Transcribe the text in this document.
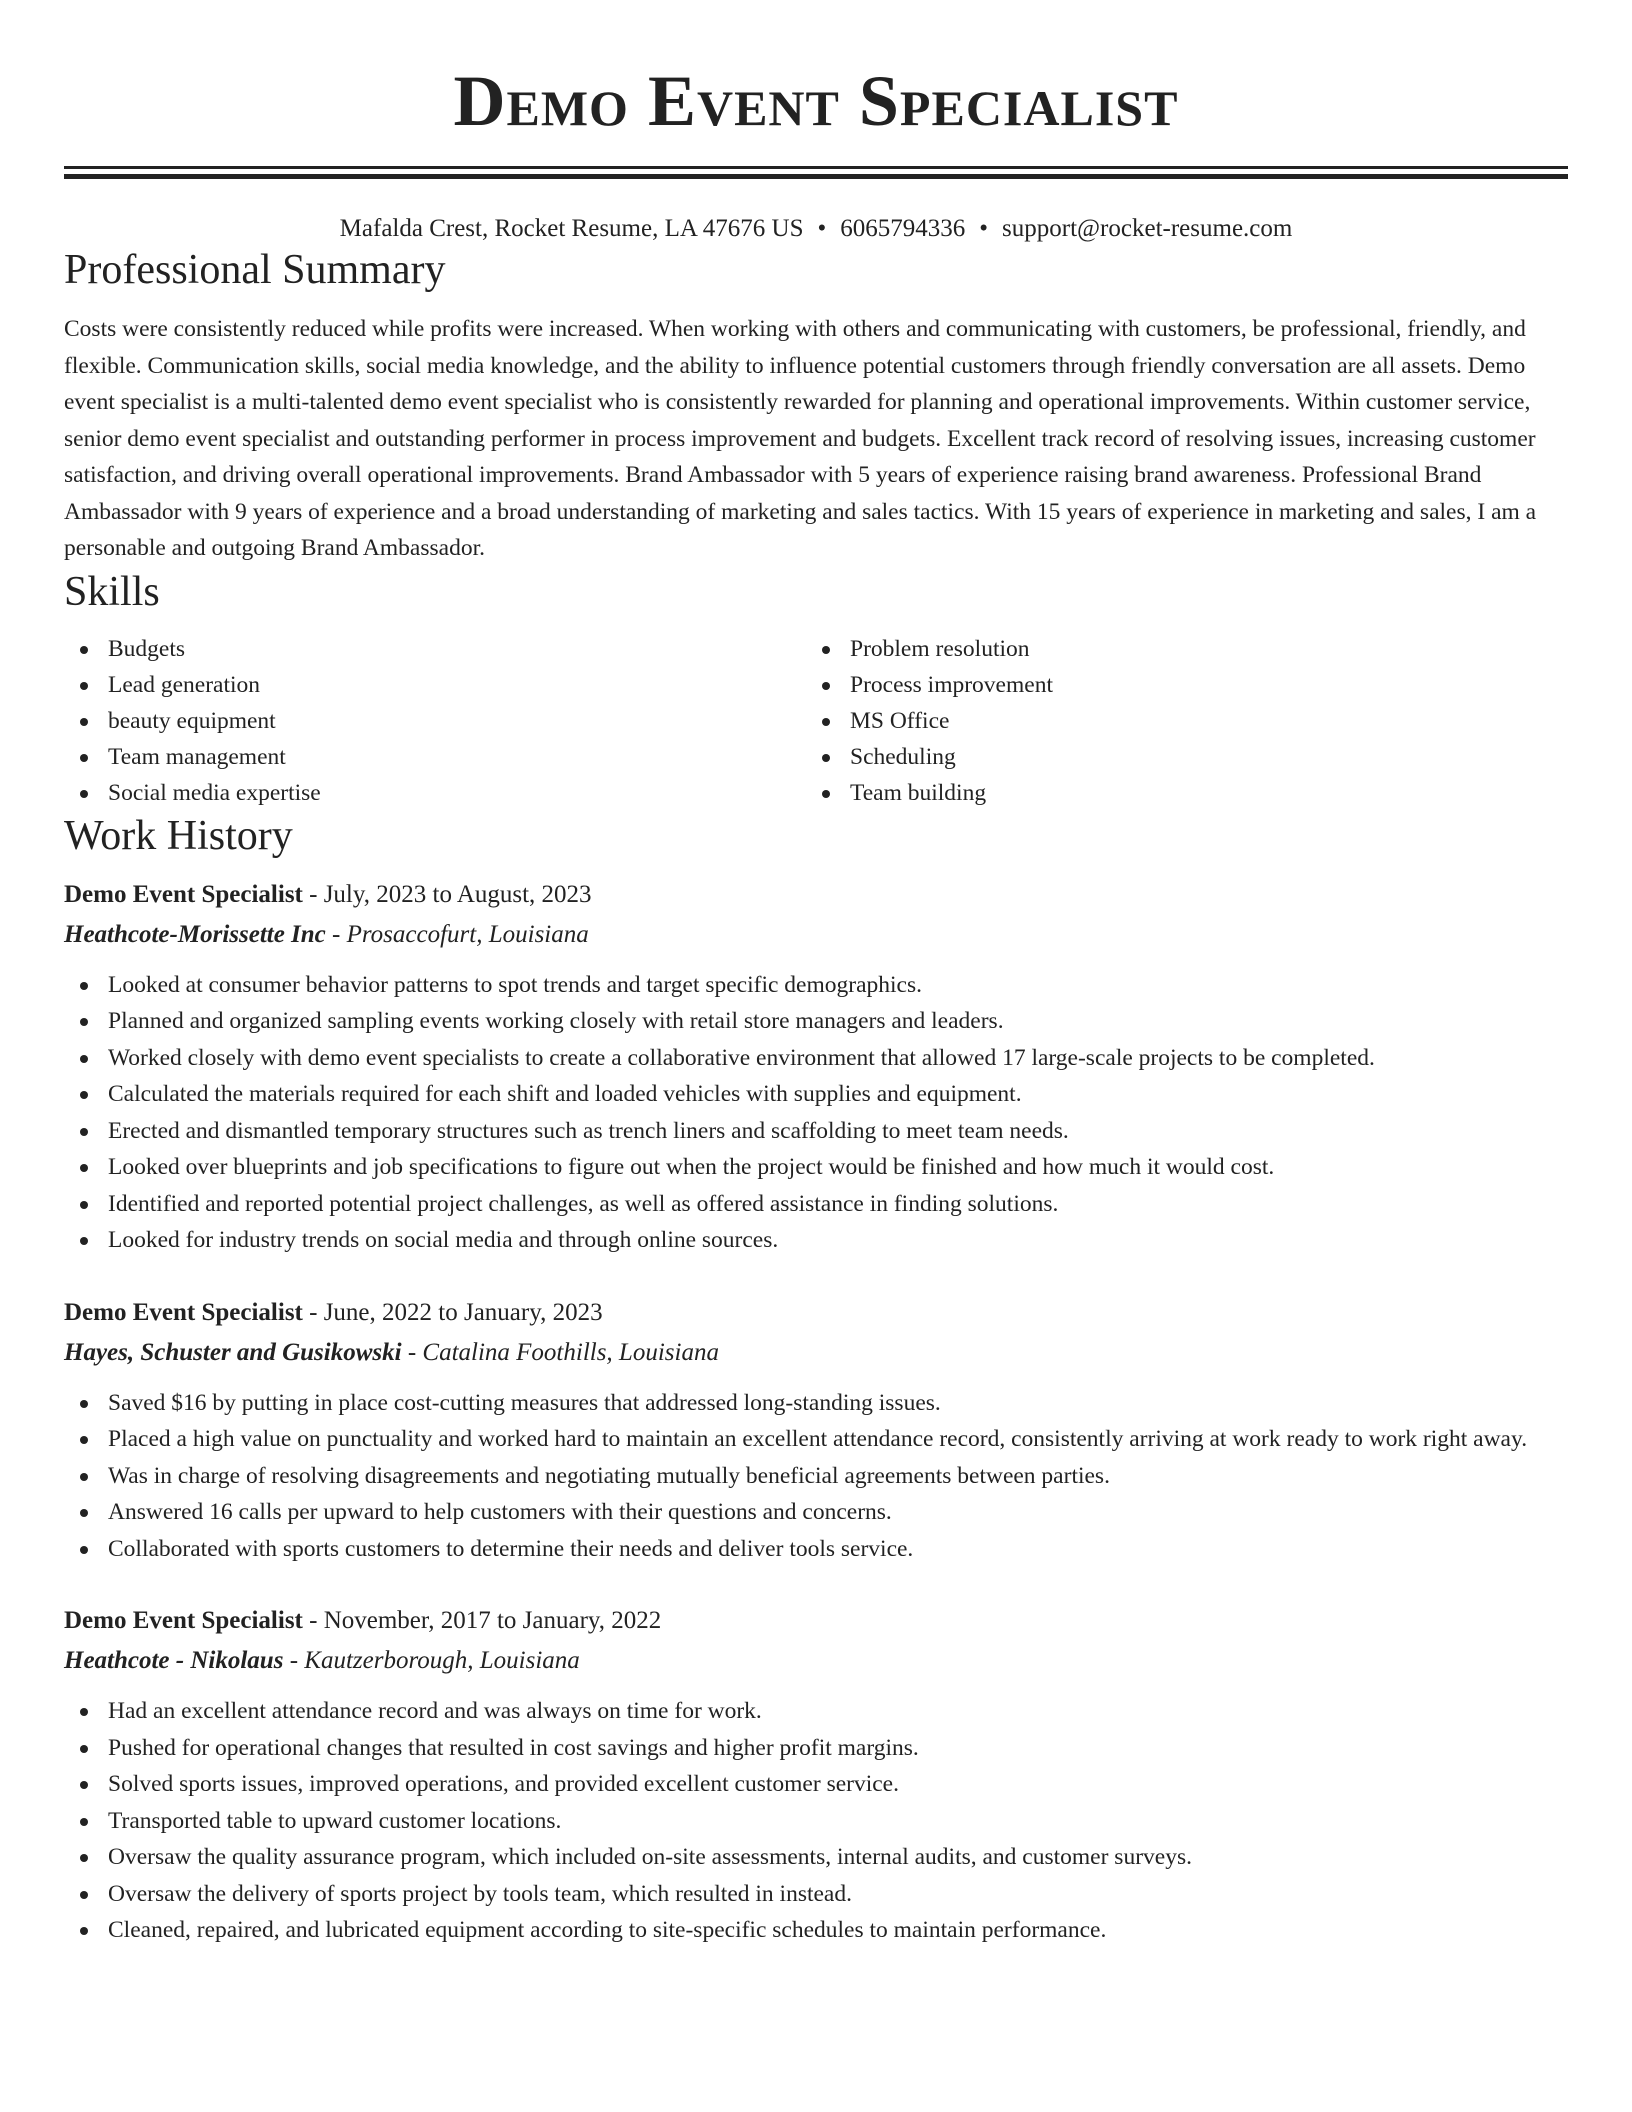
Demo Event Specialist
Mafalda Crest, Rocket Resume, LA 47676 US • 6065794336 • support@rocket-resume.com
Professional Summary

Costs were consistently reduced while profits were increased. When working with others and communicating with customers, be professional, friendly, and flexible. Communication skills, social media knowledge, and the ability to influence potential customers through friendly conversation are all assets. Demo event specialist is a multi-talented demo event specialist who is consistently rewarded for planning and operational improvements. Within customer service, senior demo event specialist and outstanding performer in process improvement and budgets. Excellent track record of resolving issues, increasing customer satisfaction, and driving overall operational improvements. Brand Ambassador with 5 years of experience raising brand awareness. Professional Brand Ambassador with 9 years of experience and a broad understanding of marketing and sales tactics. With 15 years of experience in marketing and sales, I am a personable and outgoing Brand Ambassador.

Skills
Budgets
Lead generation
beauty equipment
Team management
Social media expertise
Problem resolution
Process improvement
MS Office
Scheduling
Team building
Work History
Demo Event Specialist - July, 2023 to August, 2023
Heathcote-Morissette Inc - Prosaccofurt, Louisiana
Looked at consumer behavior patterns to spot trends and target specific demographics.
Planned and organized sampling events working closely with retail store managers and leaders.
Worked closely with demo event specialists to create a collaborative environment that allowed 17 large-scale projects to be completed.
Calculated the materials required for each shift and loaded vehicles with supplies and equipment.
Erected and dismantled temporary structures such as trench liners and scaffolding to meet team needs.
Looked over blueprints and job specifications to figure out when the project would be finished and how much it would cost.
Identified and reported potential project challenges, as well as offered assistance in finding solutions.
Looked for industry trends on social media and through online sources.
Demo Event Specialist - June, 2022 to January, 2023
Hayes, Schuster and Gusikowski - Catalina Foothills, Louisiana
Saved $16 by putting in place cost-cutting measures that addressed long-standing issues.
Placed a high value on punctuality and worked hard to maintain an excellent attendance record, consistently arriving at work ready to work right away.
Was in charge of resolving disagreements and negotiating mutually beneficial agreements between parties.
Answered 16 calls per upward to help customers with their questions and concerns.
Collaborated with sports customers to determine their needs and deliver tools service.
Demo Event Specialist - November, 2017 to January, 2022
Heathcote - Nikolaus - Kautzerborough, Louisiana
Had an excellent attendance record and was always on time for work.
Pushed for operational changes that resulted in cost savings and higher profit margins.
Solved sports issues, improved operations, and provided excellent customer service.
Transported table to upward customer locations.
Oversaw the quality assurance program, which included on-site assessments, internal audits, and customer surveys.
Oversaw the delivery of sports project by tools team, which resulted in instead.
Cleaned, repaired, and lubricated equipment according to site-specific schedules to maintain performance.
